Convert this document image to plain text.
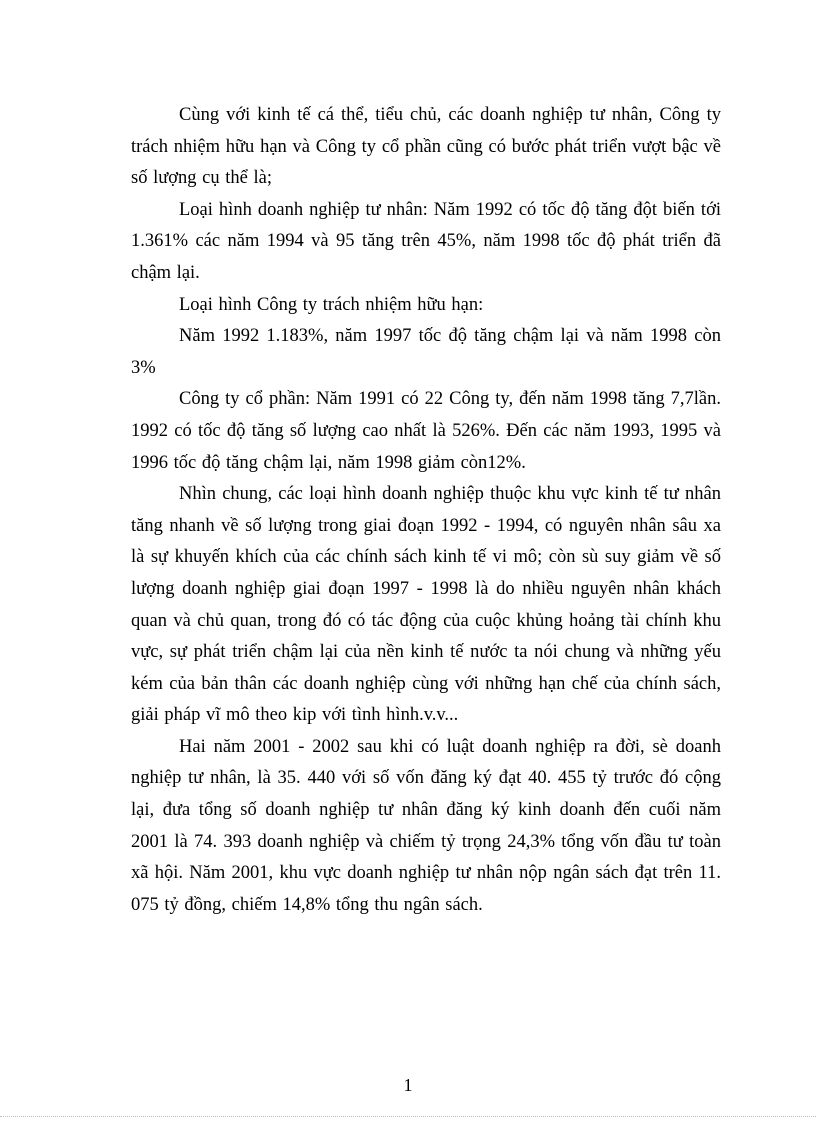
Cùng với kinh tế cá thể, tiểu chủ, các doanh nghiệp tư nhân, Công ty trách nhiệm hữu hạn và Công ty cổ phần cũng có bước phát triển vượt bậc về số lượng cụ thể là;

Loại hình doanh nghiệp tư nhân: Năm 1992 có tốc độ tăng đột biến tới 1.361% các năm 1994 và 95 tăng trên 45%, năm 1998 tốc độ phát triển đã chậm lại.

Loại hình Công ty trách nhiệm hữu hạn:

Năm 1992 1.183%, năm 1997 tốc độ tăng chậm lại và năm 1998 còn 3%

Công ty cổ phần: Năm 1991 có 22 Công ty, đến năm 1998 tăng 7,7lần. 1992 có tốc độ tăng số lượng cao nhất là 526%. Đến các năm 1993, 1995 và 1996 tốc độ tăng chậm lại, năm 1998 giảm còn12%.

Nhìn chung, các loại hình doanh nghiệp thuộc khu vực kinh tế tư nhân tăng nhanh về số lượng trong giai đoạn 1992 - 1994, có nguyên nhân sâu xa là sự khuyến khích của các chính sách kinh tế vi mô; còn sù suy giảm về số lượng doanh nghiệp giai đoạn 1997 - 1998 là do nhiều nguyên nhân khách quan và chủ quan, trong đó có tác động của cuộc khủng hoảng tài chính khu vực, sự phát triển chậm lại của nền kinh tế nước ta nói chung và những yếu kém của bản thân các doanh nghiệp cùng với những hạn chế của chính sách, giải pháp vĩ mô theo kip với tình hình.v.v...

Hai năm 2001 - 2002 sau khi có luật doanh nghiệp ra đời, sè doanh nghiệp tư nhân, là 35. 440 với số vốn đăng ký đạt 40. 455 tỷ trước đó cộng lại, đưa tổng số doanh nghiệp tư nhân đăng ký kinh doanh đến cuối năm 2001 là 74. 393 doanh nghiệp và chiếm tỷ trọng 24,3% tổng vốn đầu tư toàn xã hội. Năm 2001, khu vực doanh nghiệp tư nhân nộp ngân sách đạt trên 11. 075 tỷ đồng, chiếm 14,8% tổng thu ngân sách.

1
